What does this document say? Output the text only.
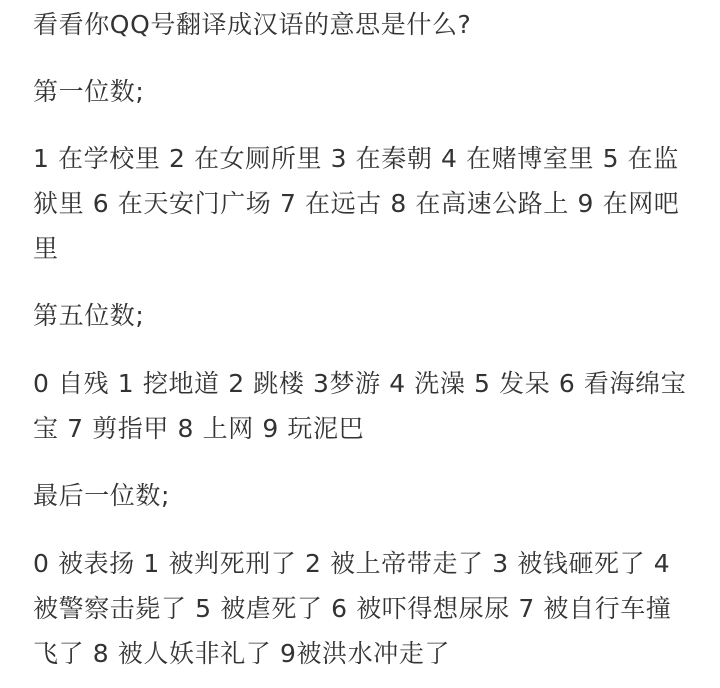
看看你QQ号翻译成汉语的意思是什么?

第一位数;

1 在学校里 2 在女厕所里 3 在秦朝 4 在赌博室里 5 在监狱里 6 在天安门广场 7 在远古 8 在高速公路上 9 在网吧里

第五位数;

0 自残 1 挖地道 2 跳楼 3梦游 4 洗澡 5 发呆 6 看海绵宝宝 7 剪指甲 8 上网 9 玩泥巴

最后一位数;

0 被表扬 1 被判死刑了 2 被上帝带走了 3 被钱砸死了 4 被警察击毙了 5 被虐死了 6 被吓得想尿尿 7 被自行车撞飞了 8 被人妖非礼了 9被洪水冲走了
